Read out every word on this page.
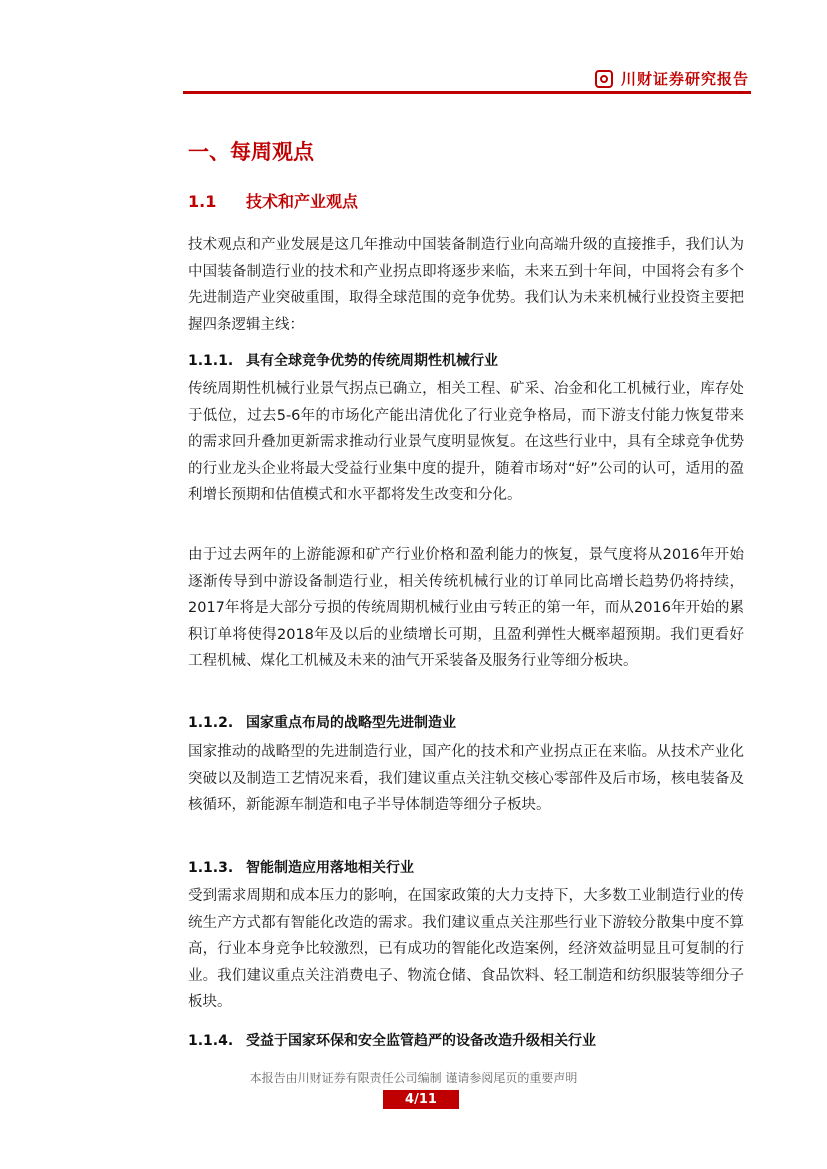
川财证券研究报告
一、每周观点
1.1 技术和产业观点

技术观点和产业发展是这几年推动中国装备制造行业向高端升级的直接推手，我们认为中国装备制造行业的技术和产业拐点即将逐步来临，未来五到十年间，中国将会有多个先进制造产业突破重围，取得全球范围的竞争优势。我们认为未来机械行业投资主要把握四条逻辑主线：

1.1.1. 具有全球竞争优势的传统周期性机械行业

传统周期性机械行业景气拐点已确立，相关工程、矿采、冶金和化工机械行业，库存处于低位，过去5-6年的市场化产能出清优化了行业竞争格局，而下游支付能力恢复带来的需求回升叠加更新需求推动行业景气度明显恢复。在这些行业中，具有全球竞争优势的行业龙头企业将最大受益行业集中度的提升，随着市场对“好”公司的认可，适用的盈利增长预期和估值模式和水平都将发生改变和分化。

由于过去两年的上游能源和矿产行业价格和盈利能力的恢复，景气度将从2016年开始逐渐传导到中游设备制造行业，相关传统机械行业的订单同比高增长趋势仍将持续，2017年将是大部分亏损的传统周期机械行业由亏转正的第一年，而从2016年开始的累积订单将使得2018年及以后的业绩增长可期，且盈利弹性大概率超预期。我们更看好工程机械、煤化工机械及未来的油气开采装备及服务行业等细分板块。

1.1.2. 国家重点布局的战略型先进制造业

国家推动的战略型的先进制造行业，国产化的技术和产业拐点正在来临。从技术产业化突破以及制造工艺情况来看，我们建议重点关注轨交核心零部件及后市场，核电装备及核循环，新能源车制造和电子半导体制造等细分子板块。

1.1.3. 智能制造应用落地相关行业

受到需求周期和成本压力的影响，在国家政策的大力支持下，大多数工业制造行业的传统生产方式都有智能化改造的需求。我们建议重点关注那些行业下游较分散集中度不算高，行业本身竞争比较激烈，已有成功的智能化改造案例，经济效益明显且可复制的行业。我们建议重点关注消费电子、物流仓储、食品饮料、轻工制造和纺织服装等细分子板块。

1.1.4. 受益于国家环保和安全监管趋严的设备改造升级相关行业
本报告由川财证券有限责任公司编制 谨请参阅尾页的重要声明
4/11
